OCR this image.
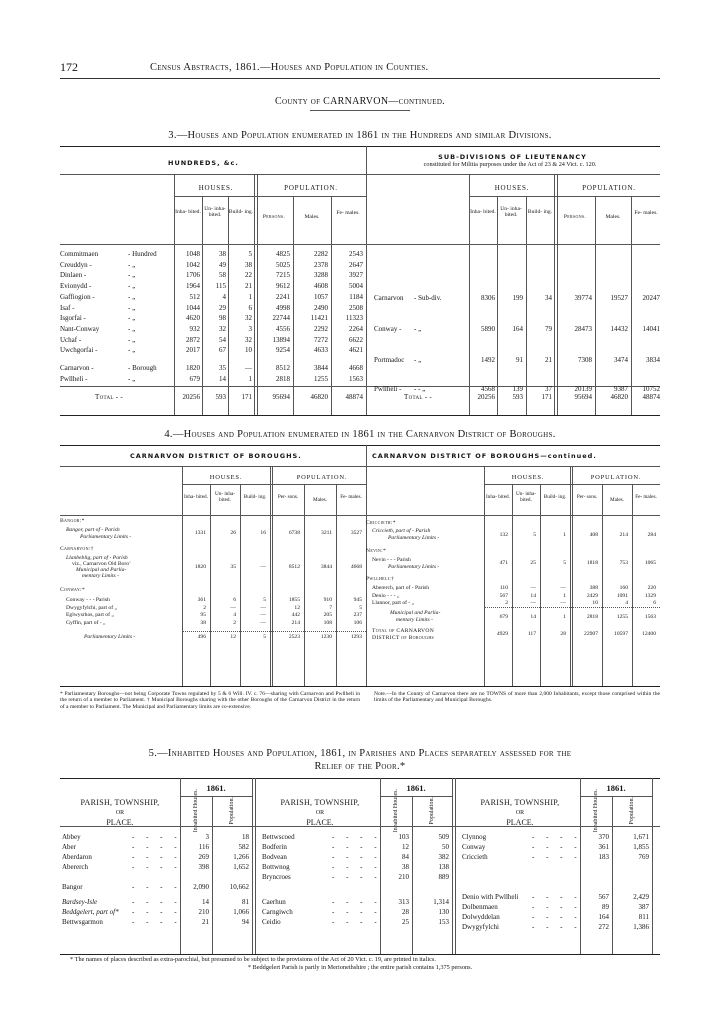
172	Census Abstracts, 1861.—Houses and Population in Counties.
County of CARNARVON—continued.
3.—Houses and Population enumerated in 1861 in the Hundreds and similar Divisions.
HUNDREDS, &c.
SUB-DIVISIONS OF LIEUTENANCY
constituted for Militia purposes under the Act of 23 & 24 Vict. c. 120.
HOUSES.	POPULATION.
Inha- bited. Un- inha- bited.
Build- ing.
Persons.	Males.
Fe- males.
HOUSES.	POPULATION.
Inha- bited. Un- inha- bited.
Build- ing.
Persons.	Males.
Fe- males.
Commitmaen	- Hundred	1048	38	5	4825	2282	2543
Creuddyn -	- „	1042	49	38	5025	2378	2647
Dinlaen -	- „	1706	58	22	7215	3288	3927
Evionydd -	- „	1964	115	21	9612	4608	5004
Gaffiogion -	- „	512	4	1	2241	1057	1184
Isaf -	- „	1044	29	6	4998	2490	2508
Isgorfai -	- „	4620	98	32	22744	11421	11323
Nant-Conway	- „	932	32	3	4556	2292	2264
Uchaf -	- „	2872	54	32	13894	7272	6622
Uwchgorfai -	- „	2017	67	10	9254	4633	4621
Carnarvon -	- Borough	1820	35	—	8512	3844	4668
Pwllheli -	- „	679	14	1	2818	1255	1563
Total - -	20256	593	171	95694	46820	48874
Carnarvon - Sub-div.	8306	199	34	39774	19527	20247
Conway - - „	5890	164	79	28473	14432	14041
Portmadoc - „	1492	91	21	7308	3474	3834
Pwllheli - - - „	4568	139	37	20139	9387	10752
Total - -	20256	593	171	95694	46820	48874
4.—Houses and Population enumerated in 1861 in the Carnarvon District of Boroughs.
CARNARVON DISTRICT OF BOROUGHS.	CARNARVON DISTRICT OF BOROUGHS—continued.
HOUSES.	POPULATION.
Inha- bited.	Un- inha- bited.
Build- ing.	Per- sons.	Males.	Fe- males.
HOUSES.	POPULATION.
Inha- bited.	Un- inha- bited.
Build- ing.	Per- sons.	Males.	Fe- males.
Bangor:*
Bangor, part of - Parish
Parliamentary Limits -
1331	26	16	6738	3211	3527
Carnarvon:†
Llanbeblig, part of - Parish
viz., Carnarvon Old Boro’
Municipal and Parlia-
mentary Limits -
1820	35	—	8512	3844	4668
Conway:*
Conway - - - Parish	361	6	5	1855	910	945
Dwygyfylchi, part of „	2	—	—	12	7	5
Eglwysrhos, part of „	95	4	—	442	205	237
Gyffin, part of - „	38	2	—	214	108	106
Parliamentary Limits -	496	12	5	2523	1230	1293
Criccieth:*
Criccieth, part of - Parish
Parliamentary Limits -	132	5	1	408	214	284
Nevin:*
Nevin - - - Parish
Parliamentary Limits -
471	25	5	1818	753	1065
Pwllheli:†
Abererch, part of - Parish	110	—	—	388	160	220
Denio - - - „	567	14	1	2429	1091	1329
Llannor, part of - „	2	—	—	10	4	6
Municipal and Parlia-
mentary Limits -	679	14	1	2818	1255	1563
Total of CARNARVON
DISTRICT of Boroughs
4929	117	28	22907	10597	12400
* Parliamentary Boroughs—not being Corporate Towns regulated by 5 & 6 Will. IV. c. 76—sharing with Carnarvon and Pwllheli in the return of a member to Parliament. † Municipal Boroughs sharing with the other Boroughs of the Carnarvon District in the return of a member to Parliament. The Municipal and Parliamentary limits are co-extensive.
Note.—In the County of Carnarvon there are no TOWNS of more than 2,000 Inhabitants, except those comprised within the limits of the Parliamentary and Municipal Boroughs.
5.—Inhabited Houses and Population, 1861, in Parishes and Places separately assessed for the
Relief of the Poor.*
PARISH, TOWNSHIP,
OR
PLACE.
1861.
Inhabited Houses.	Population.
Abbey	- - - -	3	18
Aber	- - - -	116	582
Aberdaron	- - - -	269	1,266
Abererch	- - - -	398	1,652
Bangor	- - - -	2,090	10,662
Bardsey-Isle	- - - -	14	81
Beddgelert, part of* - - - -	210	1,066
Bettwsgarmon	- - - -	21	94
PARISH, TOWNSHIP,
OR
PLACE.
1861.
Inhabited Houses.	Population.
Bettwscoed	- - - -	103	509
Bodferin	- - - -	12	50
Bodvean	- - - -	84	382
Bottwnog	- - - -	38	138
Bryncroes	- - - -	210	889
Caerhun	- - - -	313	1,314
Carngiwch	- - - -	28	130
Ceidio	- - - -	25	153
PARISH, TOWNSHIP,
OR
PLACE.
1861.
Inhabited Houses.	Population.
Clynnog	- - - -	370	1,671
Conway	- - - -	361	1,855
Criccieth	- - - -	183	769
Denio with Pwllheli - - - -	567	2,429
Dolbenmaen	- - - -	89	387
Dolwyddelan	- - - -	164	811
Dwygyfylchi	- - - -	272	1,386
* The names of places described as extra-parochial, but presumed to be subject to the provisions of the Act of 20 Vict. c. 19, are printed in italics.
* Beddgelert Parish is partly in Merionethshire ; the entire parish contains 1,375 persons.
